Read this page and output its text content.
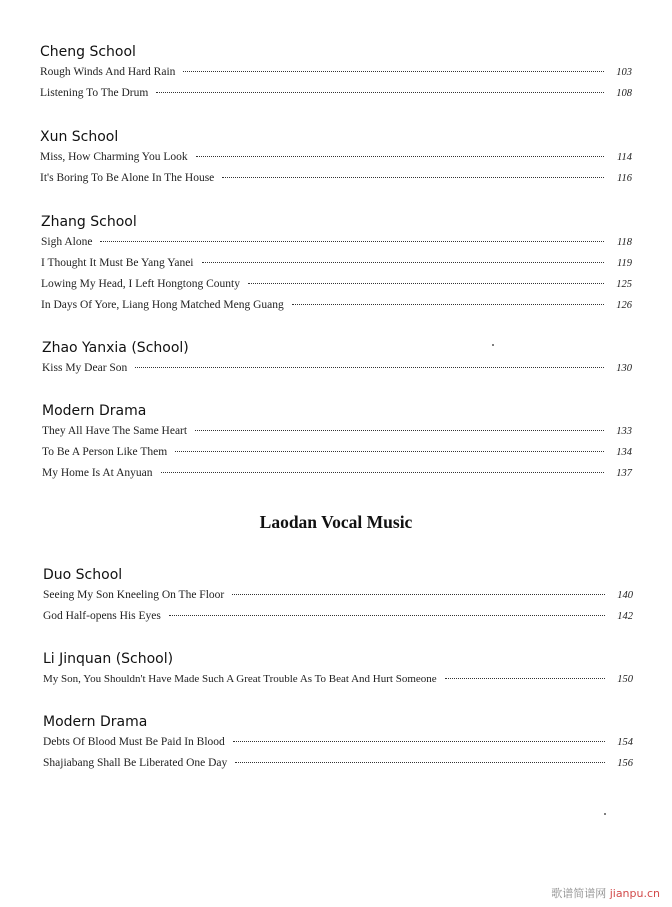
Cheng School
Rough Winds And Hard Rain	103
Listening To The Drum	108
Xun School
Miss, How Charming You Look	114
It's Boring To Be Alone In The House	116
Zhang School
Sigh Alone	118
I Thought It Must Be Yang Yanei	119
Lowing My Head, I Left Hongtong County	125
In Days Of Yore, Liang Hong Matched Meng Guang	126
Zhao Yanxia (School)
Kiss My Dear Son	130
Modern Drama
They All Have The Same Heart	133
To Be A Person Like Them	134
My Home Is At Anyuan	137
Laodan Vocal Music
Duo School
Seeing My Son Kneeling On The Floor	140
God Half-opens His Eyes	142
Li Jinquan (School)
My Son, You Shouldn't Have Made Such A Great Trouble As To Beat And Hurt Someone	150
Modern Drama
Debts Of Blood Must Be Paid In Blood	154
Shajiabang Shall Be Liberated One Day	156
歌谱简谱网 jianpu.cn
